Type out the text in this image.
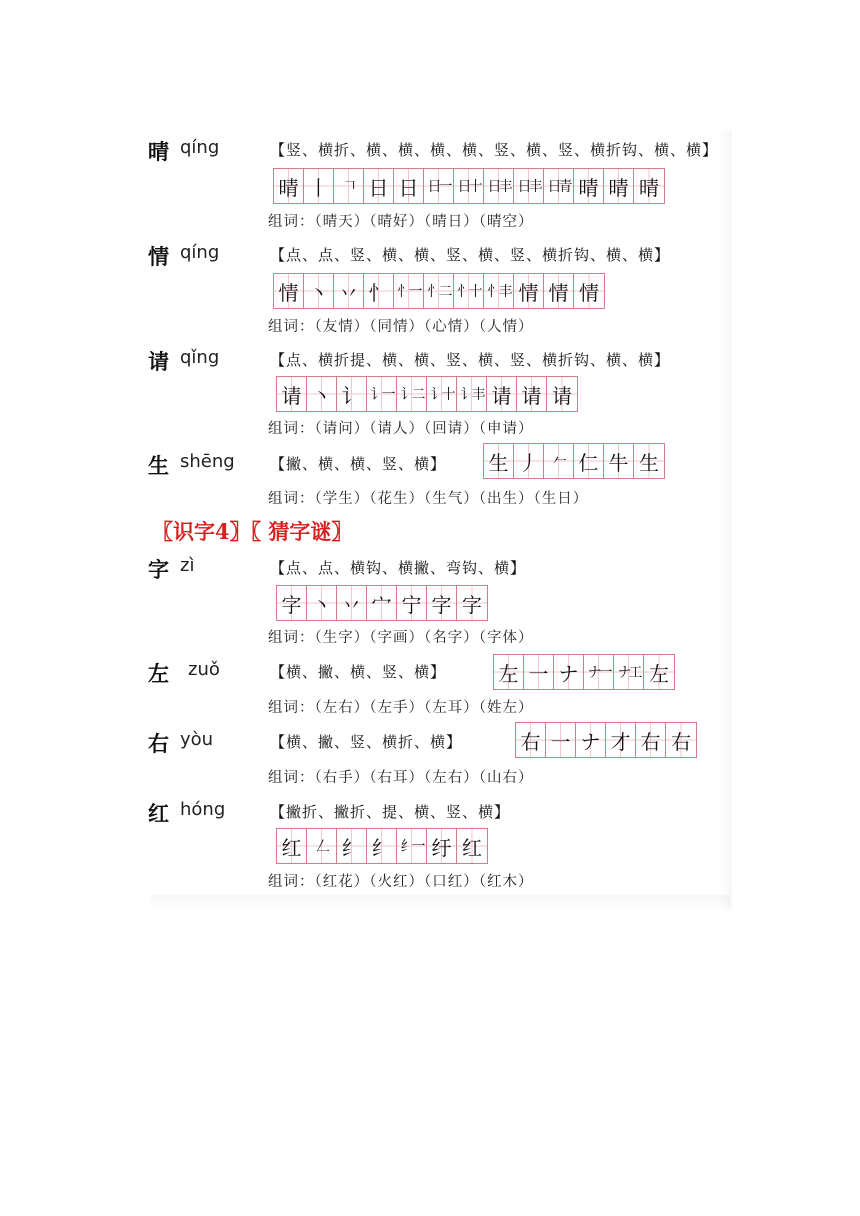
晴 qíng	【竖、横折、横、横、横、横、竖、横、竖、横折钩、横、横】
晴 丨 𠃍 日 日 日一 日十 日丰 日丰 日青 晴 晴 晴
组词：（晴天）（晴好）（晴日）（晴空）
情 qíng	【点、点、竖、横、横、竖、横、竖、横折钩、横、横】
情 丶 丷 忄 忄一 忄二 忄十 忄丰 情 情 情
组词：（友情）（同情）（心情）（人情）
请 qǐng	【点、横折提、横、横、竖、横、竖、横折钩、横、横】
请 丶 讠 讠一 讠二 讠十 讠丰 请 请 请
组词：（请问）（请人）（回请）（申请）
生 shēng 【撇、横、横、竖、横】 生 丿 𠂉 仁 牛 生
组词：（学生）（花生）（生气）（出生）（生日）
字 zì	【点、点、横钩、横撇、弯钩、横】
字 丶 丷 宀 宁 字 字
组词：（生字）（字画）（名字）（字体）
左 zuǒ	【横、撇、横、竖、横】	左 一 ナ ナ一 ナ工 左
组词：（左右）（左手）（左耳）（姓左）
右 yòu	【横、撇、竖、横折、横】	右 一 ナ 才 右 右
组词：（右手）（右耳）（左右）（山右）
红 hóng	【撇折、撇折、提、横、竖、横】
红 𠃋 纟 纟 纟一 纡 红
组词：（红花）（火红）（口红）（红木）
〖识字4〗〖 猜字谜〗
